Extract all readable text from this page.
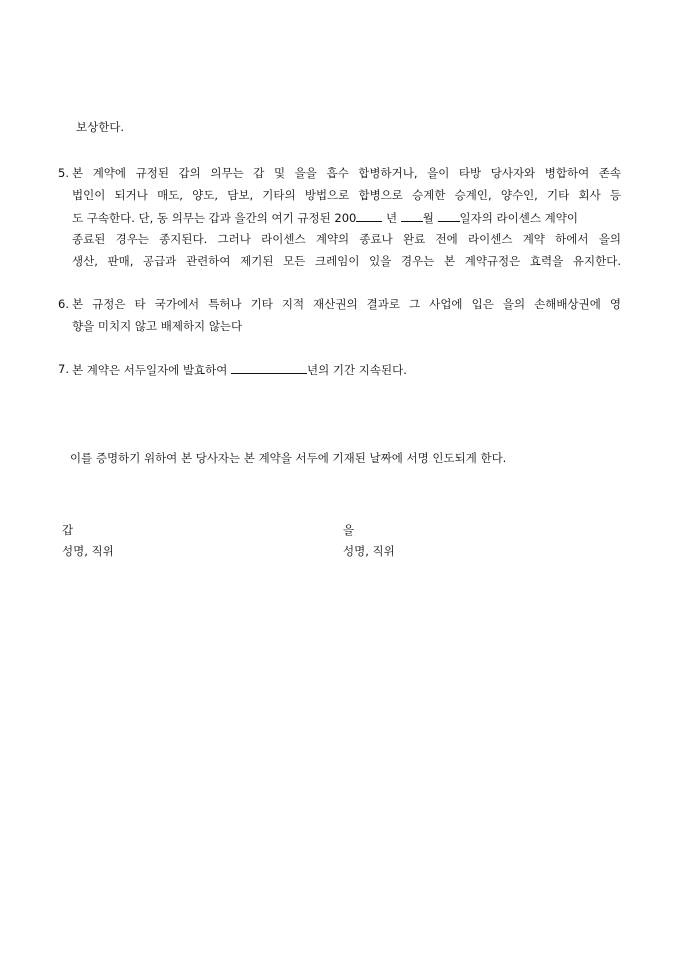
보상한다.
5. 본 계약에 규정된 갑의 의무는 갑 및 을을 흡수 합병하거나, 을이 타방 당사자와 병합하여 존속
법인이 되거나 매도, 양도, 담보, 기타의 방법으로 합병으로 승계한 승계인, 양수인, 기타 회사 등
도 구속한다. 단, 동 의무는 갑과 을간의 여기 규정된 200	년 월 일자의 라이센스 계약이
종료된 경우는 종지된다. 그러나 라이센스 계약의 종료나 완료 전에 라이센스 계약 하에서 을의
생산, 판매, 공급과 관련하여 제기된 모든 크레임이 있을 경우는 본 계약규정은 효력을 유지한다.
6. 본 규정은 타 국가에서 특허나 기타 지적 재산권의 결과로 그 사업에 입은 을의 손해배상권에 영
향을 미치지 않고 배제하지 않는다
7. 본 계약은 서두일자에 발효하여	년의 기간 지속된다.
이를 증명하기 위하여 본 당사자는 본 계약을 서두에 기재된 날짜에 서명 인도되게 한다.
갑
성명, 직위
을
성명, 직위
